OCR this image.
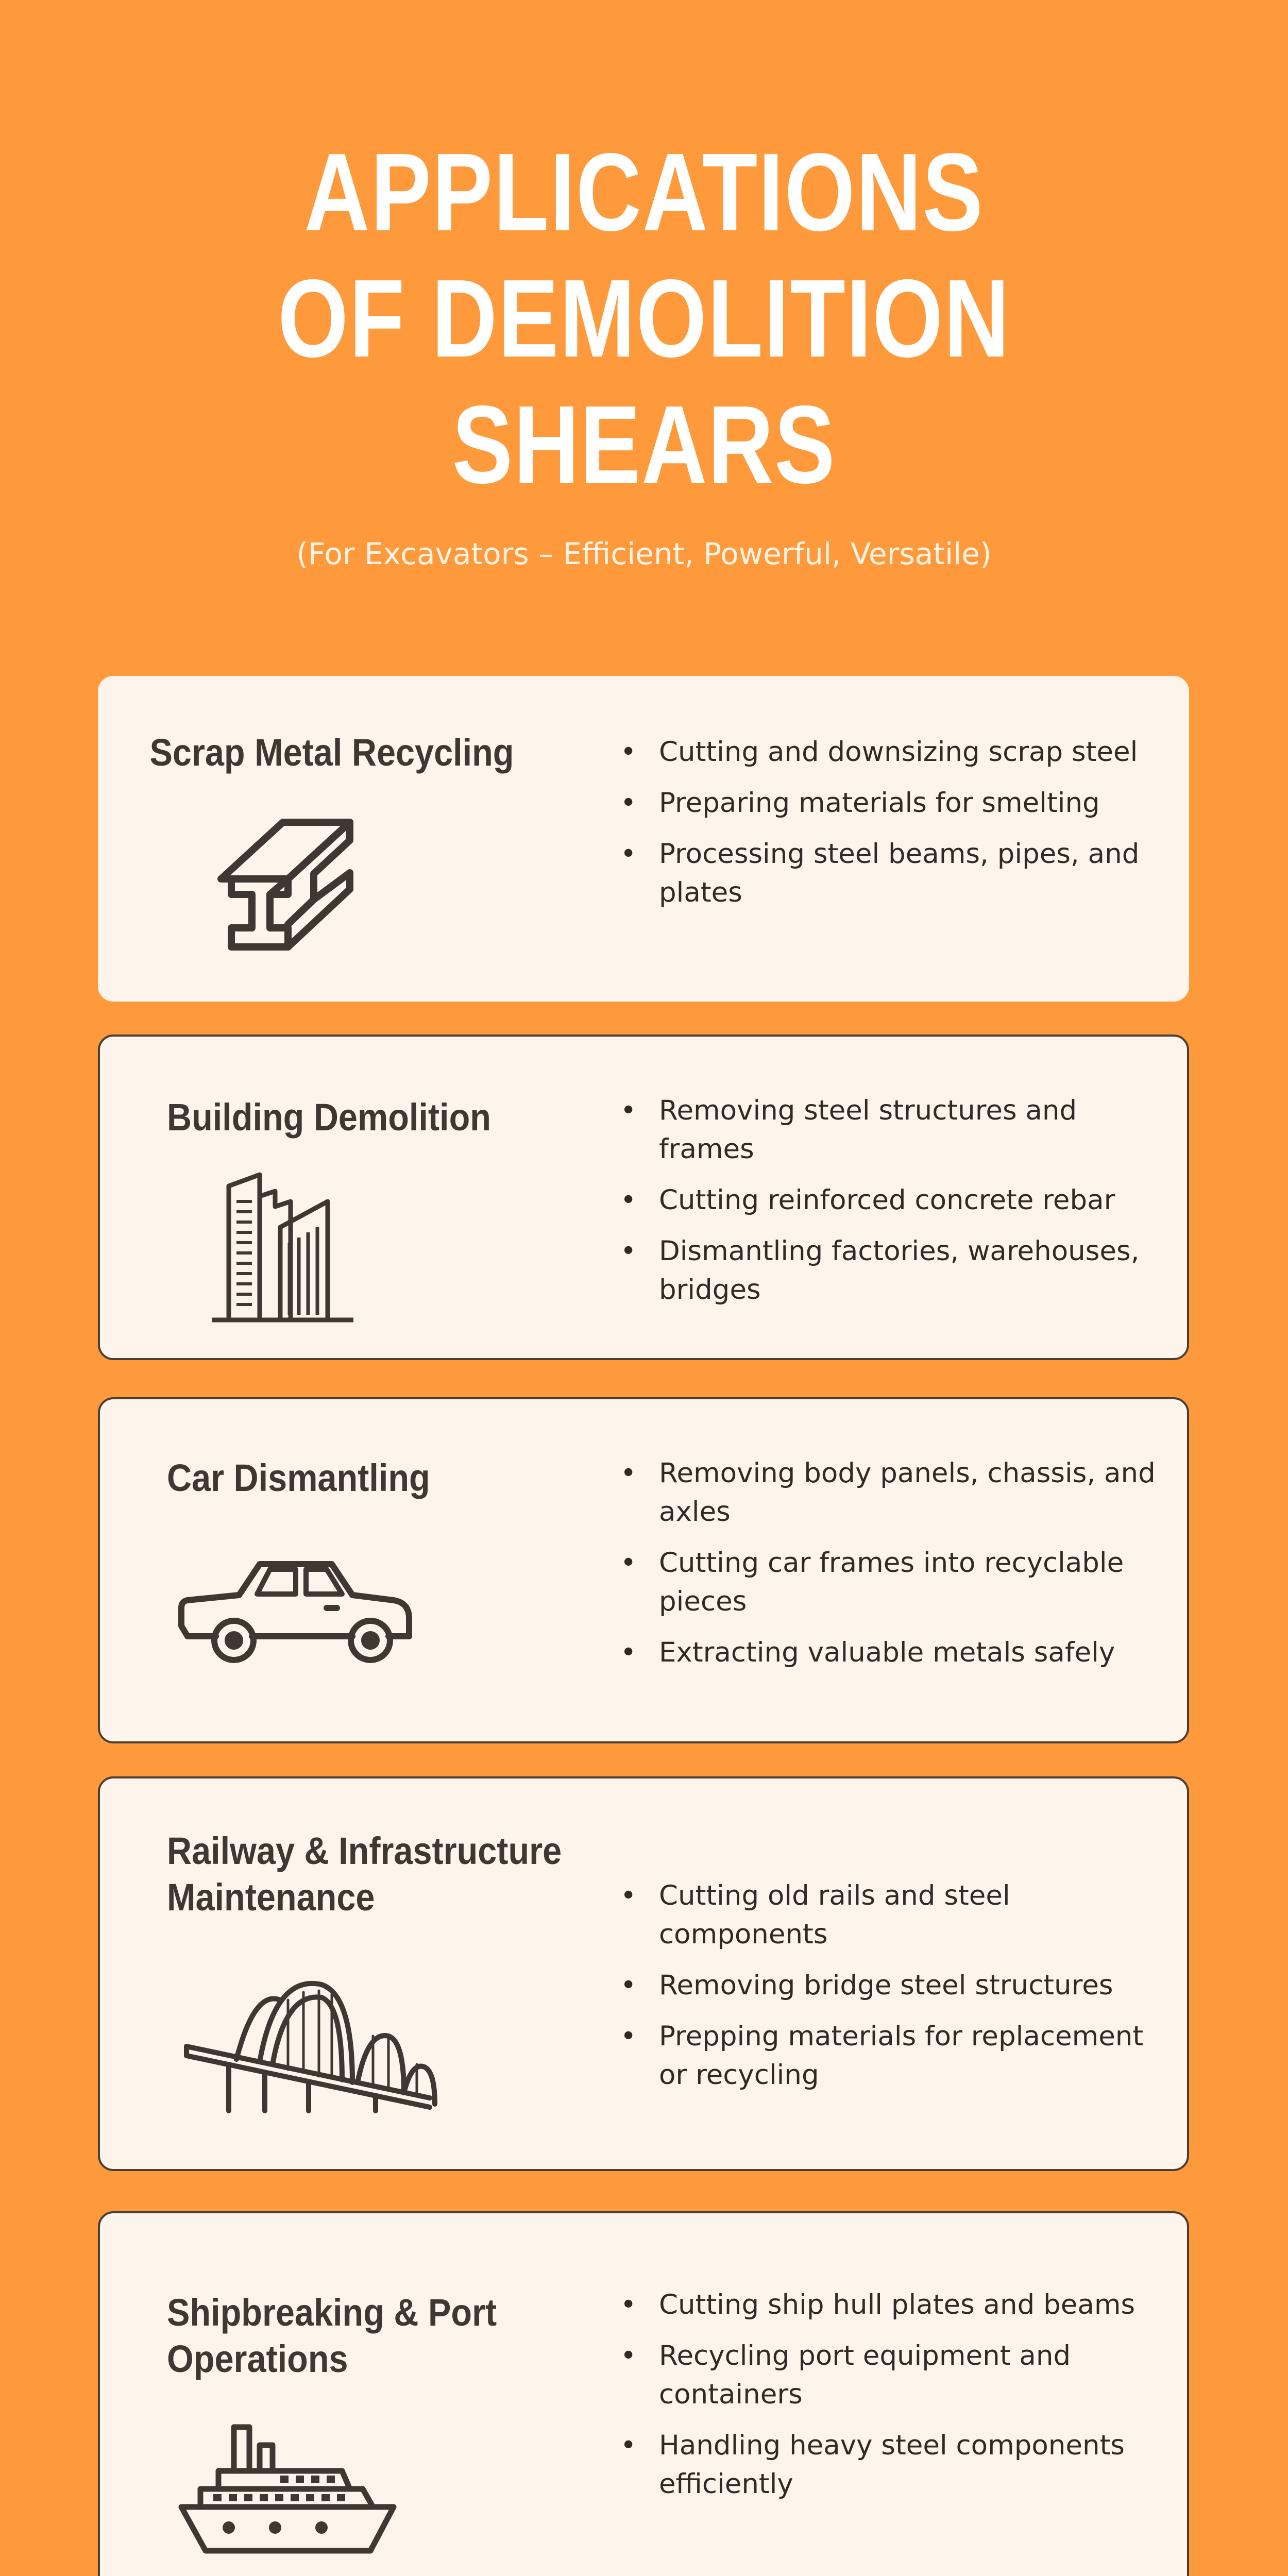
APPLICATIONS
OF DEMOLITION
SHEARS
(For Excavators – Efficient, Powerful, Versatile)
Scrap Metal Recycling	• Cutting and downsizing scrap steel
• Preparing materials for smelting
• Processing steel beams, pipes, and plates
Building Demolition	• Removing steel structures and frames
• Cutting reinforced concrete rebar
• Dismantling factories, warehouses, bridges
Car Dismantling	• Removing body panels, chassis, and axles
• Cutting car frames into recyclable pieces
• Extracting valuable metals safely
Railway & Infrastructure
Maintenance	• Cutting old rails and steel components
• Removing bridge steel structures
• Prepping materials for replacement or recycling
Shipbreaking & Port
Operations
• Cutting ship hull plates and beams
• Recycling port equipment and containers
• Handling heavy steel components efficiently
